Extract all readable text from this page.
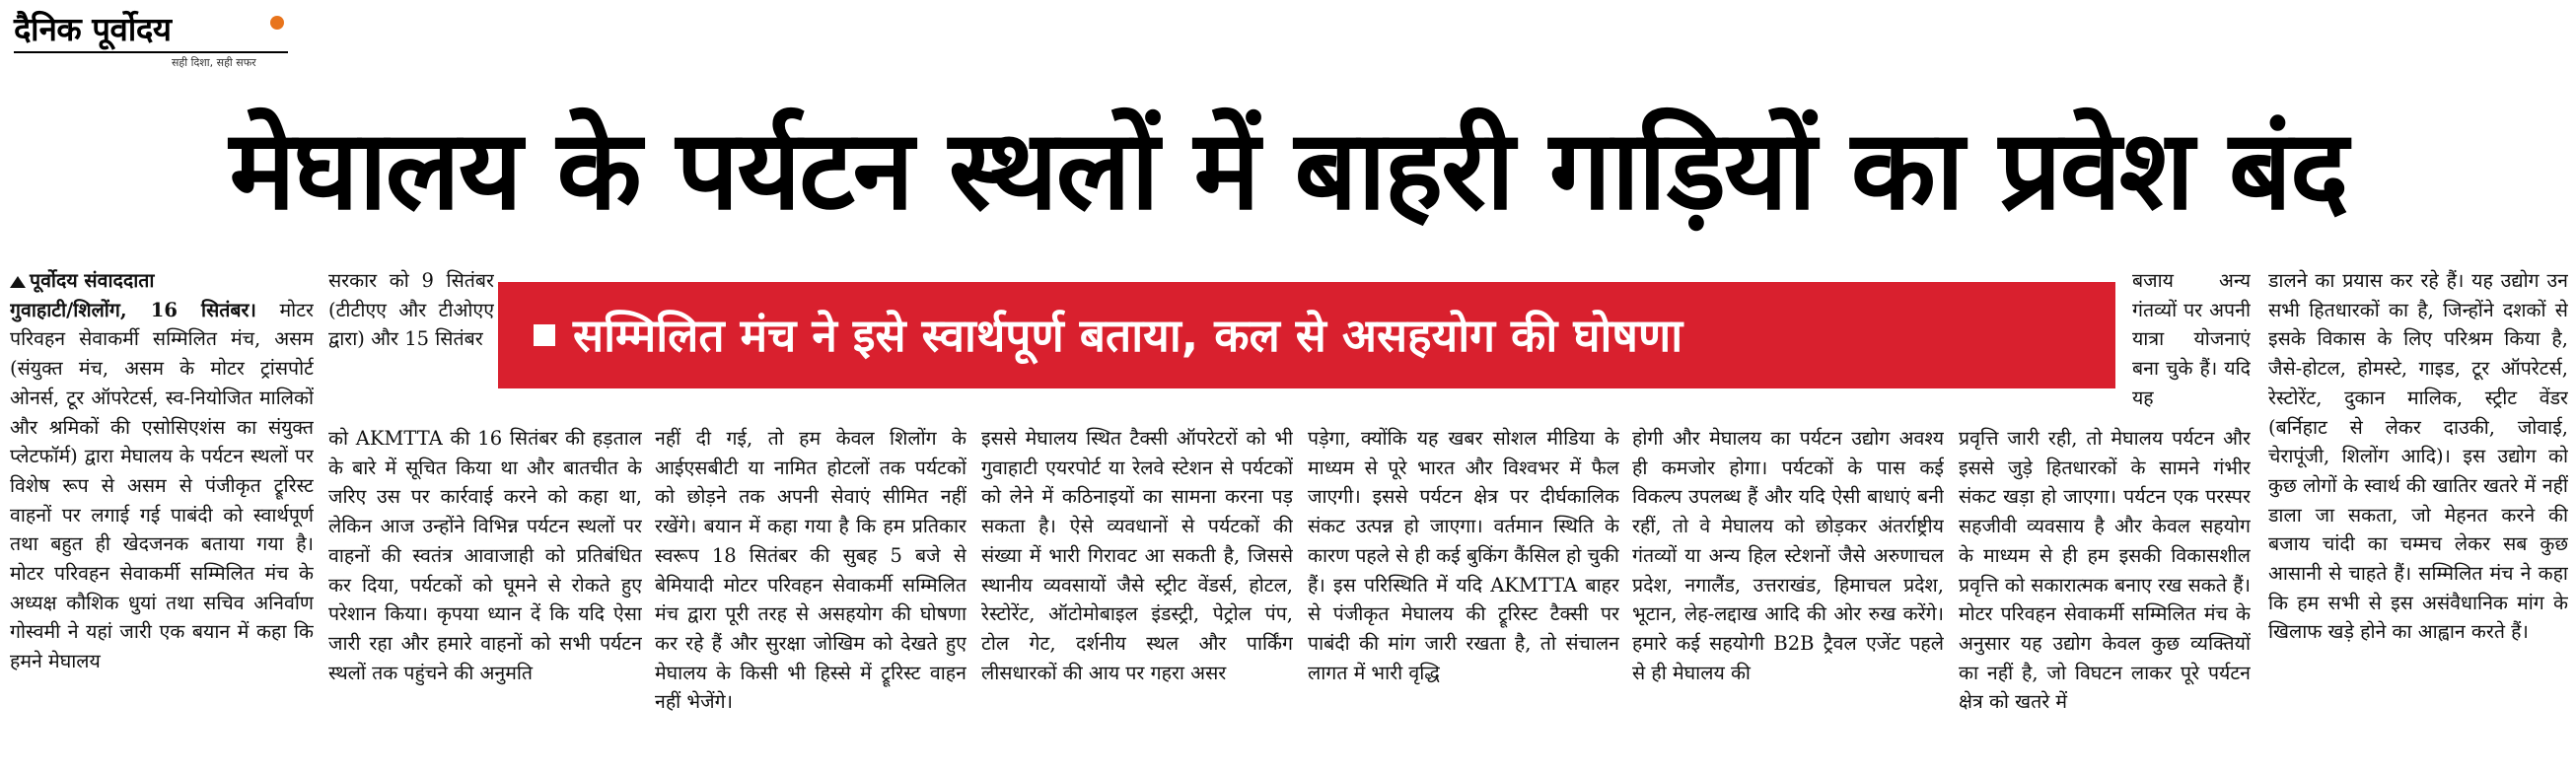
दैनिक पूर्वोदय
सही दिशा, सही सफर
मेघालय के पर्यटन स्थलों में बाहरी गाड़ियों का प्रवेश बंद
सम्मिलित मंच ने इसे स्वार्थपूर्ण बताया, कल से असहयोग की घोषणा
पूर्वोदय संवाददाता
गुवाहाटी/शिलोंग, 16 सितंबर। मोटर परिवहन सेवाकर्मी सम्मिलित मंच, असम (संयुक्त मंच, असम के मोटर ट्रांसपोर्ट ओनर्स, टूर ऑपरेटर्स, स्व-नियोजित मालिकों और श्रमिकों की एसोसिएशंस का संयुक्त प्लेटफॉर्म) द्वारा मेघालय के पर्यटन स्थलों पर विशेष रूप से असम से पंजीकृत ट्रूरिस्ट वाहनों पर लगाई गई पाबंदी को स्वार्थपूर्ण तथा बहुत ही खेदजनक बताया गया है। मोटर परिवहन सेवाकर्मी सम्मिलित मंच के अध्यक्ष कौशिक धुयां तथा सचिव अनिर्वाण गोस्वमी ने यहां जारी एक बयान में कहा कि हमने मेघालय
सरकार को 9 सितंबर (टीटीएए और टीओएए द्वारा) और 15 सितंबर
को AKMTTA की 16 सितंबर की हड़ताल के बारे में सूचित किया था और बातचीत के जरिए उस पर कार्रवाई करने को कहा था, लेकिन आज उन्होंने विभिन्न पर्यटन स्थलों पर वाहनों की स्वतंत्र आवाजाही को प्रतिबंधित कर दिया, पर्यटकों को घूमने से रोकते हुए परेशान किया। कृपया ध्यान दें कि यदि ऐसा जारी रहा और हमारे वाहनों को सभी पर्यटन स्थलों तक पहुंचने की अनुमति
नहीं दी गई, तो हम केवल शिलोंग के आईएसबीटी या नामित होटलों तक पर्यटकों को छोड़ने तक अपनी सेवाएं सीमित नहीं रखेंगे। बयान में कहा गया है कि हम प्रतिकार स्वरूप 18 सितंबर की सुबह 5 बजे से बेमियादी मोटर परिवहन सेवाकर्मी सम्मिलित मंच द्वारा पूरी तरह से असहयोग की घोषणा कर रहे हैं और सुरक्षा जोखिम को देखते हुए मेघालय के किसी भी हिस्से में ट्रूरिस्ट वाहन नहीं भेजेंगे।
इससे मेघालय स्थित टैक्सी ऑपरेटरों को भी गुवाहाटी एयरपोर्ट या रेलवे स्टेशन से पर्यटकों को लेने में कठिनाइयों का सामना करना पड़ सकता है। ऐसे व्यवधानों से पर्यटकों की संख्या में भारी गिरावट आ सकती है, जिससे स्थानीय व्यवसायों जैसे स्ट्रीट वेंडर्स, होटल, रेस्टोरेंट, ऑटोमोबाइल इंडस्ट्री, पेट्रोल पंप, टोल गेट, दर्शनीय स्थल और पार्किंग लीसधारकों की आय पर गहरा असर
पड़ेगा, क्योंकि यह खबर सोशल मीडिया के माध्यम से पूरे भारत और विश्वभर में फैल जाएगी। इससे पर्यटन क्षेत्र पर दीर्घकालिक संकट उत्पन्न हो जाएगा। वर्तमान स्थिति के कारण पहले से ही कई बुकिंग कैंसिल हो चुकी हैं। इस परिस्थिति में यदि AKMTTA बाहर से पंजीकृत मेघालय की ट्रूरिस्ट टैक्सी पर पाबंदी की मांग जारी रखता है, तो संचालन लागत में भारी वृद्धि
होगी और मेघालय का पर्यटन उद्योग अवश्य ही कमजोर होगा। पर्यटकों के पास कई विकल्प उपलब्ध हैं और यदि ऐसी बाधाएं बनी रहीं, तो वे मेघालय को छोड़कर अंतर्राष्ट्रीय गंतव्यों या अन्य हिल स्टेशनों जैसे अरुणाचल प्रदेश, नगालैंड, उत्तराखंड, हिमाचल प्रदेश, भूटान, लेह-लद्दाख आदि की ओर रुख करेंगे। हमारे कई सहयोगी B2B ट्रैवल एजेंट पहले से ही मेघालय की
बजाय अन्य गंतव्यों पर अपनी यात्रा योजनाएं बना चुके हैं। यदि यह
प्रवृत्ति जारी रही, तो मेघालय पर्यटन और इससे जुड़े हितधारकों के सामने गंभीर संकट खड़ा हो जाएगा। पर्यटन एक परस्पर सहजीवी व्यवसाय है और केवल सहयोग के माध्यम से ही हम इसकी विकासशील प्रवृत्ति को सकारात्मक बनाए रख सकते हैं। मोटर परिवहन सेवाकर्मी सम्मिलित मंच के अनुसार यह उद्योग केवल कुछ व्यक्तियों का नहीं है, जो विघटन लाकर पूरे पर्यटन क्षेत्र को खतरे में
डालने का प्रयास कर रहे हैं। यह उद्योग उन सभी हितधारकों का है, जिन्होंने दशकों से इसके विकास के लिए परिश्रम किया है, जैसे-होटल, होमस्टे, गाइड, टूर ऑपरेटर्स, रेस्टोरेंट, दुकान मालिक, स्ट्रीट वेंडर (बर्निहाट से लेकर दाउकी, जोवाई, चेरापूंजी, शिलोंग आदि)। इस उद्योग को कुछ लोगों के स्वार्थ की खातिर खतरे में नहीं डाला जा सकता, जो मेहनत करने की बजाय चांदी का चम्मच लेकर सब कुछ आसानी से चाहते हैं। सम्मिलित मंच ने कहा कि हम सभी से इस असंवैधानिक मांग के खिलाफ खड़े होने का आह्वान करते हैं।
